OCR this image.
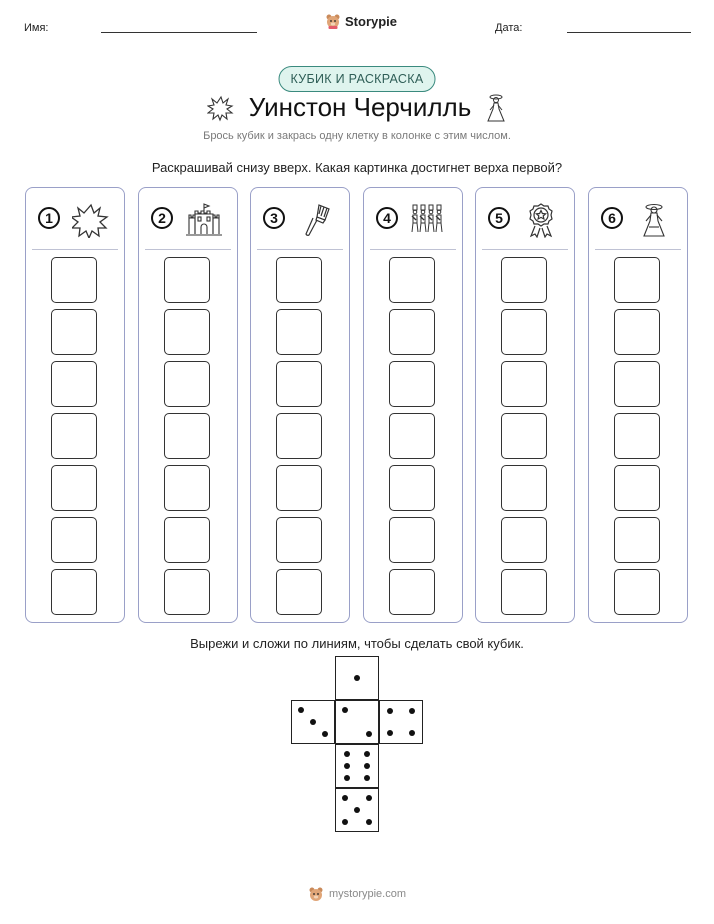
Имя:	Storypie	Дата:
КУБИК И РАСКРАСКА
Уинстон Черчилль
Брось кубик и закрась одну клетку в колонке с этим числом.
Раскрашивай снизу вверх. Какая картинка достигнет верха первой?
1	2	3	4	5	6
Вырежи и сложи по линиям, чтобы сделать свой кубик.
mystorypie.com
